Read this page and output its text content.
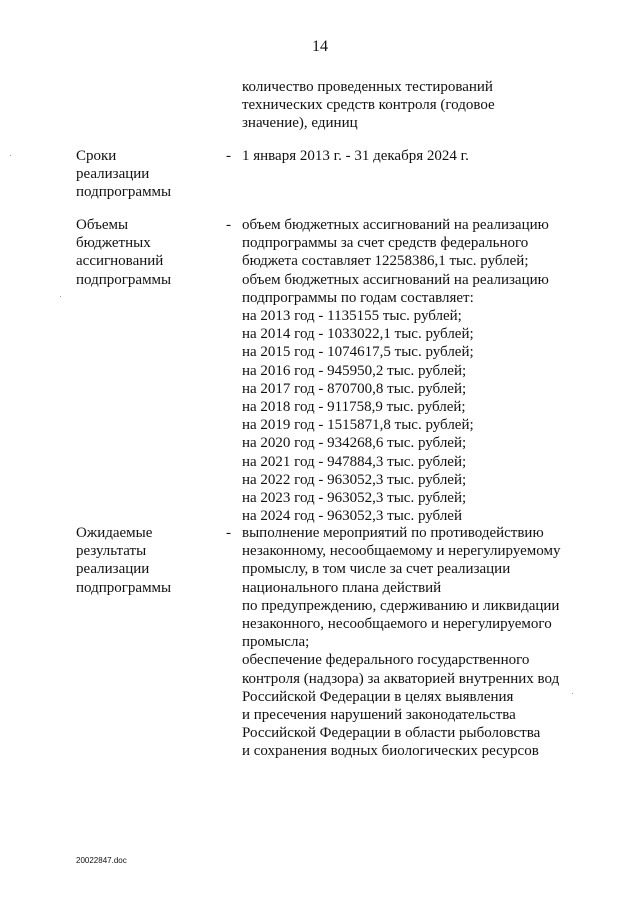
14
количество проведенных тестирований
технических средств контроля (годовое
значение), единиц
Сроки
реализации
подпрограммы
- 1 января 2013 г. - 31 декабря 2024 г.
Объемы
бюджетных
ассигнований
подпрограммы
- объем бюджетных ассигнований на реализацию
подпрограммы за счет средств федерального
бюджета составляет 12258386,1 тыс. рублей;
объем бюджетных ассигнований на реализацию
подпрограммы по годам составляет:
на 2013 год - 1135155 тыс. рублей;
на 2014 год - 1033022,1 тыс. рублей;
на 2015 год - 1074617,5 тыс. рублей;
на 2016 год - 945950,2 тыс. рублей;
на 2017 год - 870700,8 тыс. рублей;
на 2018 год - 911758,9 тыс. рублей;
на 2019 год - 1515871,8 тыс. рублей;
на 2020 год - 934268,6 тыс. рублей;
на 2021 год - 947884,3 тыс. рублей;
на 2022 год - 963052,3 тыс. рублей;
на 2023 год - 963052,3 тыс. рублей;
на 2024 год - 963052,3 тыс. рублей
Ожидаемые
результаты
реализации
подпрограммы
- выполнение мероприятий по противодействию
незаконному, несообщаемому и нерегулируемому
промыслу, в том числе за счет реализации
национального плана действий
по предупреждению, сдерживанию и ликвидации
незаконного, несообщаемого и нерегулируемого
промысла;
обеспечение федерального государственного
контроля (надзора) за акваторией внутренних вод
Российской Федерации в целях выявления
и пресечения нарушений законодательства
Российской Федерации в области рыболовства
и сохранения водных биологических ресурсов
20022847.doc
